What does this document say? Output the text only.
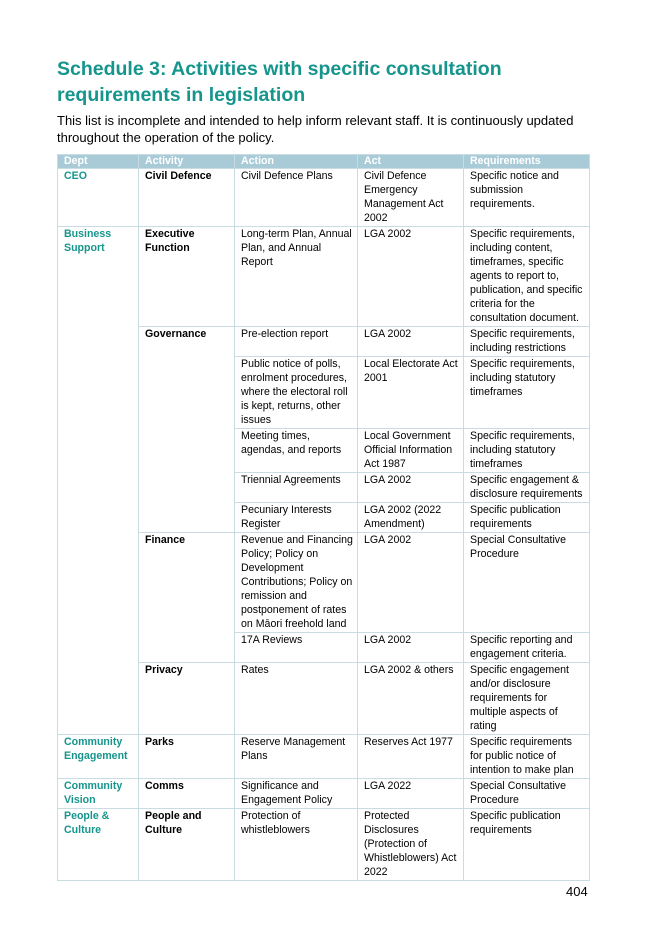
Schedule 3: Activities with specific consultation requirements in legislation

This list is incomplete and intended to help inform relevant staff. It is continuously updated throughout the operation of the policy.

Dept	Activity	Action	Act	Requirements
CEO	Civil Defence	Civil Defence Plans	Civil Defence Emergency Management Act 2002	Specific notice and submission requirements.
Business Support	Executive Function	Long-term Plan, Annual Plan, and Annual Report	LGA 2002	Specific requirements, including content, timeframes, specific agents to report to, publication, and specific criteria for the consultation document.
	Governance	Pre-election report	LGA 2002	Specific requirements, including restrictions
		Public notice of polls, enrolment procedures, where the electoral roll is kept, returns, other issues	Local Electorate Act 2001	Specific requirements, including statutory timeframes
		Meeting times, agendas, and reports	Local Government Official Information Act 1987	Specific requirements, including statutory timeframes
		Triennial Agreements	LGA 2002	Specific engagement & disclosure requirements
		Pecuniary Interests Register	LGA 2002 (2022 Amendment)	Specific publication requirements
	Finance	Revenue and Financing Policy; Policy on Development Contributions; Policy on remission and postponement of rates on Māori freehold land	LGA 2002	Special Consultative Procedure
		17A Reviews	LGA 2002	Specific reporting and engagement criteria.
	Privacy	Rates	LGA 2002 & others	Specific engagement and/or disclosure requirements for multiple aspects of rating
Community Engagement	Parks	Reserve Management Plans	Reserves Act 1977	Specific requirements for public notice of intention to make plan
Community Vision	Comms	Significance and Engagement Policy	LGA 2022	Special Consultative Procedure
People & Culture	People and Culture	Protection of whistleblowers	Protected Disclosures (Protection of Whistleblowers) Act 2022	Specific publication requirements
404
